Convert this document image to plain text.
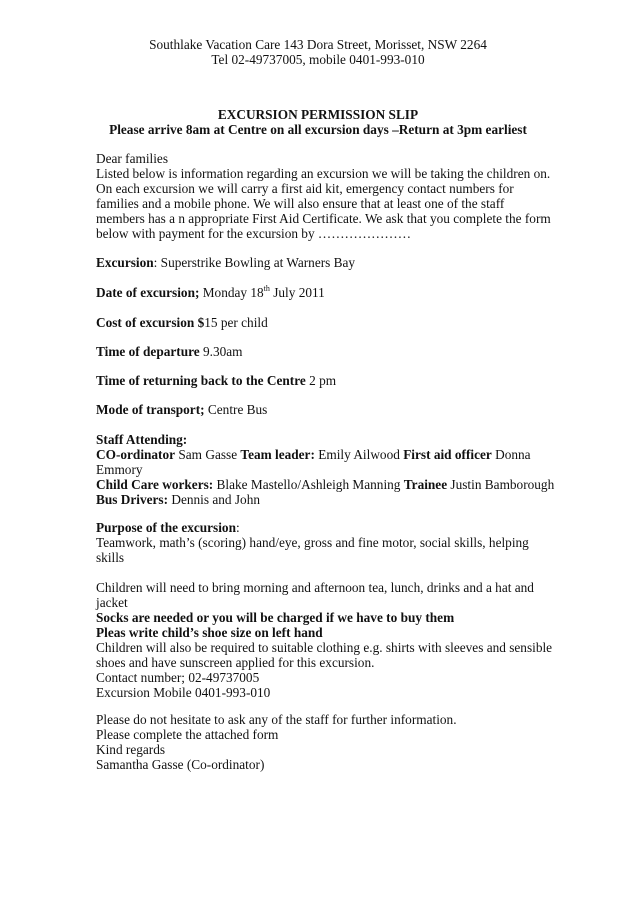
Southlake Vacation Care 143 Dora Street, Morisset, NSW 2264
Tel 02-49737005, mobile 0401-993-010
EXCURSION PERMISSION SLIP
Please arrive 8am at Centre on all excursion days –Return at 3pm earliest
Dear families
Listed below is information regarding an excursion we will be taking the children on.
On each excursion we will carry a first aid kit, emergency contact numbers for
families and a mobile phone. We will also ensure that at least one of the staff
members has a n appropriate First Aid Certificate. We ask that you complete the form
below with payment for the excursion by …………………
Excursion: Superstrike Bowling at Warners Bay
Date of excursion; Monday 18th July 2011
Cost of excursion $15 per child
Time of departure 9.30am
Time of returning back to the Centre 2 pm
Mode of transport; Centre Bus
Staff Attending:
CO-ordinator Sam Gasse Team leader: Emily Ailwood First aid officer Donna
Emmory
Child Care workers: Blake Mastello/Ashleigh Manning Trainee Justin Bamborough
Bus Drivers: Dennis and John
Purpose of the excursion:
Teamwork, math’s (scoring) hand/eye, gross and fine motor, social skills, helping
skills
Children will need to bring morning and afternoon tea, lunch, drinks and a hat and
jacket
Socks are needed or you will be charged if we have to buy them
Pleas write child’s shoe size on left hand
Children will also be required to suitable clothing e.g. shirts with sleeves and sensible
shoes and have sunscreen applied for this excursion.
Contact number; 02-49737005
Excursion Mobile 0401-993-010
Please do not hesitate to ask any of the staff for further information.
Please complete the attached form
Kind regards
Samantha Gasse (Co-ordinator)
